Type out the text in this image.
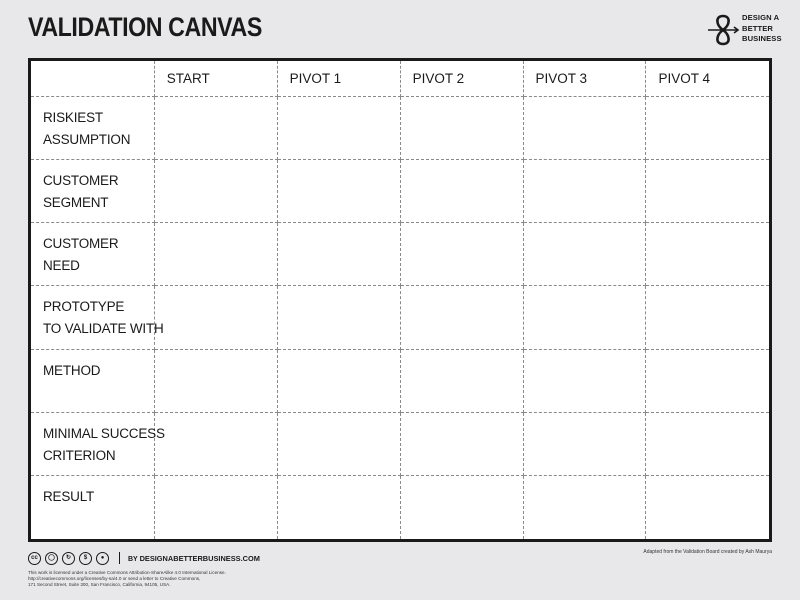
VALIDATION CANVAS	DESIGN A
BETTER
BUSINESS
	START	PIVOT 1	PIVOT 2	PIVOT 3	PIVOT 4

RISKIEST
ASSUMPTION					

CUSTOMER
SEGMENT					

CUSTOMER
NEED					

PROTOTYPE
TO VALIDATE WITH					

METHOD					

MINIMAL SUCCESS
CRITERION					

RESULT					

cc	◯	↻	$	●	BY DESIGNABETTERBUSINESS.COM
This work is licensed under a Creative Commons Attribution-ShareAlike 4.0 International License.
http://creativecommons.org/licenses/by-sa/4.0 or send a letter to Creative Commons,
171 Second Street, Suite 300, San Francisco, California, 94105, USA.
Adapted from the Validation Board created by Ash Maurya
